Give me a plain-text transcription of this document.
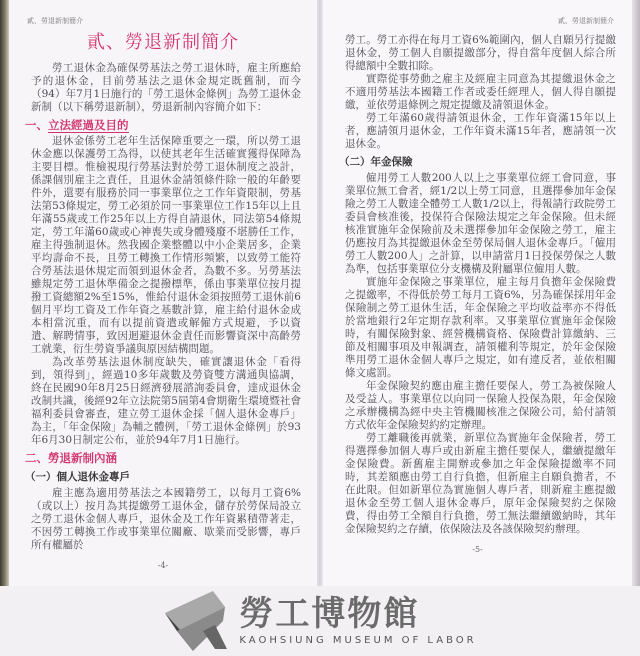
貳、勞退新制簡介
貳、勞退新制簡介

勞工退休金為確保勞基法之勞工退休時，雇主所應給予的退休金，目前勞基法之退休金規定既舊制，而今（94）年7月1日施行的「勞工退休金條例」為勞工退休金新制（以下稱勞退新制），勞退新制內容簡介如下：

一、立法經過及目的

退休金係勞工老年生活保障重要之一環，所以勞工退休金應以保護勞工為得，以使其老年生活確實獲得保障為主要目標。惟檢視現行勞基法對於勞工退休制度之設計，係課個別雇主之責任，且退休金請領條件除一般的年齡要件外，還要有服務於同一事業單位之工作年資限制，勞基法第53條規定，勞工必須於同一事業單位工作15年以上且年滿55歲或工作25年以上方得自請退休，同法第54條規定，勞工年滿60歲或心神喪失或身體殘廢不堪勝任工作，雇主得強制退休。然我國企業整體以中小企業居多，企業平均壽命不長，且勞工轉換工作情形頻繁，以致勞工能符合勞基法退休規定而領到退休金者，為數不多。另勞基法雖規定勞工退休準備金之提撥標準，係由事業單位按月提撥工資總額2%至15%，惟給付退休金須按照勞工退休前6個月平均工資及工作年資之基數計算，雇主給付退休金成本相當沉重，而有以提前資遣或解僱方式規避，予以資遣、解聘情事，致因迴避退休金責任而影響資深中高齡勞工就業，衍生勞資爭議與原因結構問題。

為改革勞基法退休制度缺失，確實讓退休金「看得到，領得到」，經過10多年歲數及勞資雙方溝通與協調，終在民國90年8月25日經濟發展諮詢委員會，達成退休金改制共識，後經92年立法院第5屆第4會期衛生環境暨社會福利委員會審查，建立勞工退休金採「個人退休金專戶」為主，「年金保險」為輔之體例，「勞工退休金條例」於93年6月30日制定公布，並於94年7月1日施行。

二、勞退新制內涵
（一）個人退休金專戶

雇主應為適用勞基法之本國籍勞工，以每月工資6%（或以上）按月為其提繳勞工退休金，儲存於勞保局設立之勞工退休金個人專戶，退休金及工作年資累積帶著走，不因勞工轉換工作或事業單位關廠、歇業而受影響，專戶所有權屬於

-4-
貳、勞退新制簡介

勞工。勞工亦得在每月工資6%範圍內，個人自願另行提繳退休金，勞工個人自願提繳部分，得自當年度個人綜合所得總額中全數扣除。

實際從事勞動之雇主及經雇主同意為其提繳退休金之不適用勞基法本國籍工作者或委任經理人，個人得自願提繳，並依勞退條例之規定提繳及請領退休金。

勞工年滿60歲得請領退休金，工作年資滿15年以上者，應請領月退休金，工作年資未滿15年者，應請領一次退休金。

（二）年金保險

僱用勞工人數200人以上之事業單位經工會同意，事業單位無工會者，經1/2以上勞工同意，且選擇參加年金保險之勞工人數達全體勞工人數1/2以上，得報請行政院勞工委員會核准後，投保符合保險法規定之年金保險。但未經核准實施年金保險前及未選擇參加年金保險之勞工，雇主仍應按月為其提繳退休金至勞保局個人退休金專戶。「僱用勞工人數200人」之計算，以申請當月1日投保勞保之人數為準，包括事業單位分支機構及附屬單位僱用人數。

實施年金保險之事業單位，雇主每月負擔年金保險費之提繳率，不得低於勞工每月工資6%，另為確保採用年金保險制之勞工退休生活，年金保險之平均收益率亦不得低於當地銀行2年定期存款利率。又事業單位實施年金保險時，有關保險對象、經營機構資格、保險費計算繳納、三節及相關事項及申報調查，請領權利等規定，於年金保險準用勞工退休金個人專戶之規定，如有違反者，並依相關條文處罰。

年金保險契約應由雇主擔任要保人，勞工為被保險人及受益人。事業單位以向同一保險人投保為限，年金保險之承辦機構為經中央主管機關核准之保險公司，給付請領方式依年金保險契約約定辦理。

勞工離職後再就業，新單位為實施年金保險者，勞工得選擇參加個人專戶或由新雇主擔任要保人，繼續提繳年金保險費。新舊雇主開辦或參加之年金保險提繳率不同時，其差額應由勞工自行負擔，但新雇主自願負擔者，不在此限。但如新單位為實施個人專戶者，則新雇主應提繳退休金至勞工個人退休金專戶，原年金保險契約之保險費，得由勞工全額自行負擔，勞工無法繼續繳納時，其年金保險契約之存續，依保險法及各該保險契約辦理。

-5-
勞工博物館
KAOHSIUNG MUSEUM OF LABOR
